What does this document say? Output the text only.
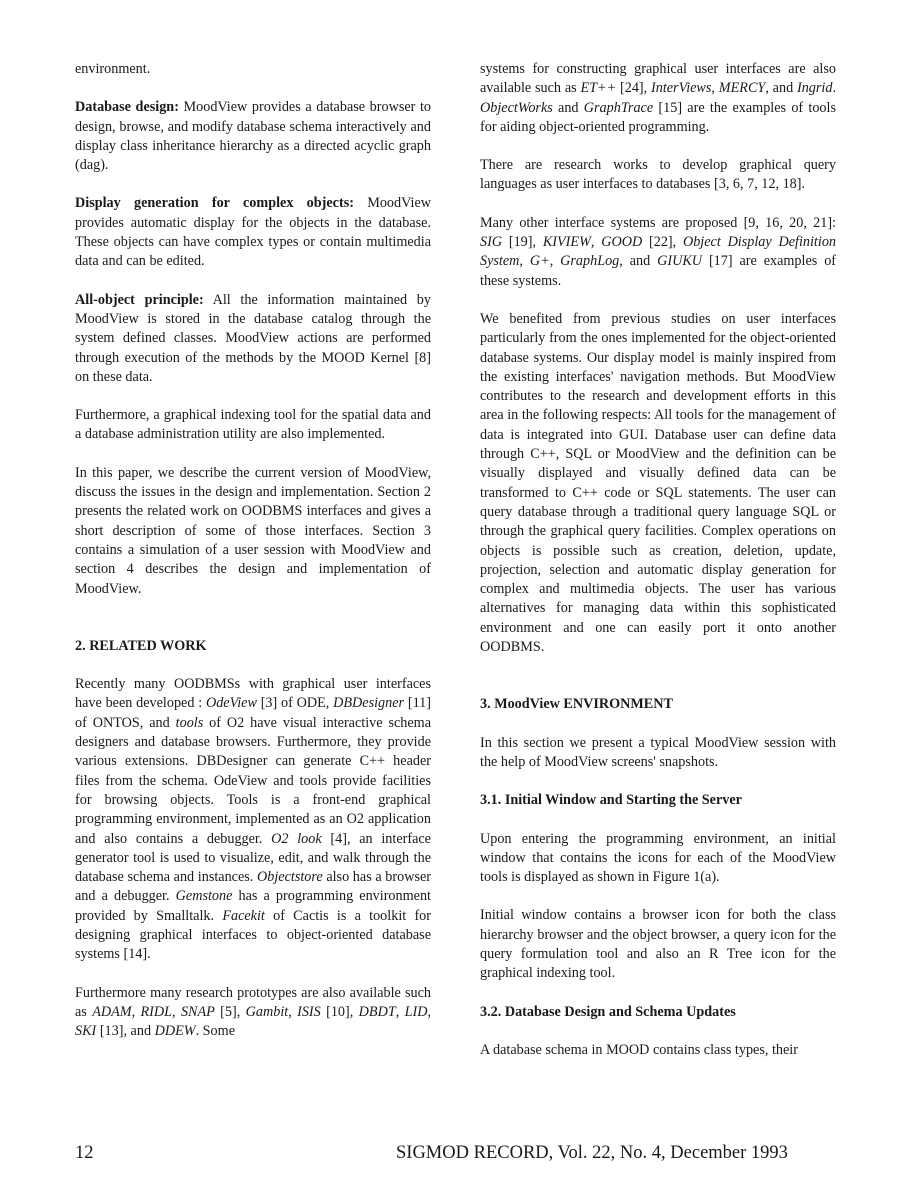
environment.

Database design: MoodView provides a database browser to design, browse, and modify database schema interactively and display class inheritance hierarchy as a directed acyclic graph (dag).

Display generation for complex objects: MoodView provides automatic display for the objects in the database. These objects can have complex types or contain multimedia data and can be edited.

All-object principle: All the information maintained by MoodView is stored in the database catalog through the system defined classes. MoodView actions are performed through execution of the methods by the MOOD Kernel [8] on these data.

Furthermore, a graphical indexing tool for the spatial data and a database administration utility are also implemented.

In this paper, we describe the current version of MoodView, discuss the issues in the design and implementation. Section 2 presents the related work on OODBMS interfaces and gives a short description of some of those interfaces. Section 3 contains a simulation of a user session with MoodView and section 4 describes the design and implementation of MoodView.

2. RELATED WORK

Recently many OODBMSs with graphical user interfaces have been developed : OdeView [3] of ODE, DBDesigner [11] of ONTOS, and tools of O2 have visual interactive schema designers and database browsers. Furthermore, they provide various extensions. DBDesigner can generate C++ header files from the schema. OdeView and tools provide facilities for browsing objects. Tools is a front-end graphical programming environment, implemented as an O2 application and also contains a debugger. O2 look [4], an interface generator tool is used to visualize, edit, and walk through the database schema and instances. Objectstore also has a browser and a debugger. Gemstone has a programming environment provided by Smalltalk. Facekit of Cactis is a toolkit for designing graphical interfaces to object-oriented database systems [14].

Furthermore many research prototypes are also available such as ADAM, RIDL, SNAP [5], Gambit, ISIS [10], DBDT, LID, SKI [13], and DDEW. Some

systems for constructing graphical user interfaces are also available such as ET++ [24], InterViews, MERCY, and Ingrid. ObjectWorks and GraphTrace [15] are the examples of tools for aiding object-oriented programming.

There are research works to develop graphical query languages as user interfaces to databases [3, 6, 7, 12, 18].

Many other interface systems are proposed [9, 16, 20, 21]: SIG [19], KIVIEW, GOOD [22], Object Display Definition System, G+, GraphLog, and GIUKU [17] are examples of these systems.

We benefited from previous studies on user interfaces particularly from the ones implemented for the object-oriented database systems. Our display model is mainly inspired from the existing interfaces' navigation methods. But MoodView contributes to the research and development efforts in this area in the following respects: All tools for the management of data is integrated into GUI. Database user can define data through C++, SQL or MoodView and the definition can be visually displayed and visually defined data can be transformed to C++ code or SQL statements. The user can query database through a traditional query language SQL or through the graphical query facilities. Complex operations on objects is possible such as creation, deletion, update, projection, selection and automatic display generation for complex and multimedia objects. The user has various alternatives for managing data within this sophisticated environment and one can easily port it onto another OODBMS.

3. MoodView ENVIRONMENT

In this section we present a typical MoodView session with the help of MoodView screens' snapshots.

3.1. Initial Window and Starting the Server

Upon entering the programming environment, an initial window that contains the icons for each of the MoodView tools is displayed as shown in Figure 1(a).

Initial window contains a browser icon for both the class hierarchy browser and the object browser, a query icon for the query formulation tool and also an R Tree icon for the graphical indexing tool.

3.2. Database Design and Schema Updates

A database schema in MOOD contains class types, their

12	SIGMOD RECORD, Vol. 22, No. 4, December 1993
